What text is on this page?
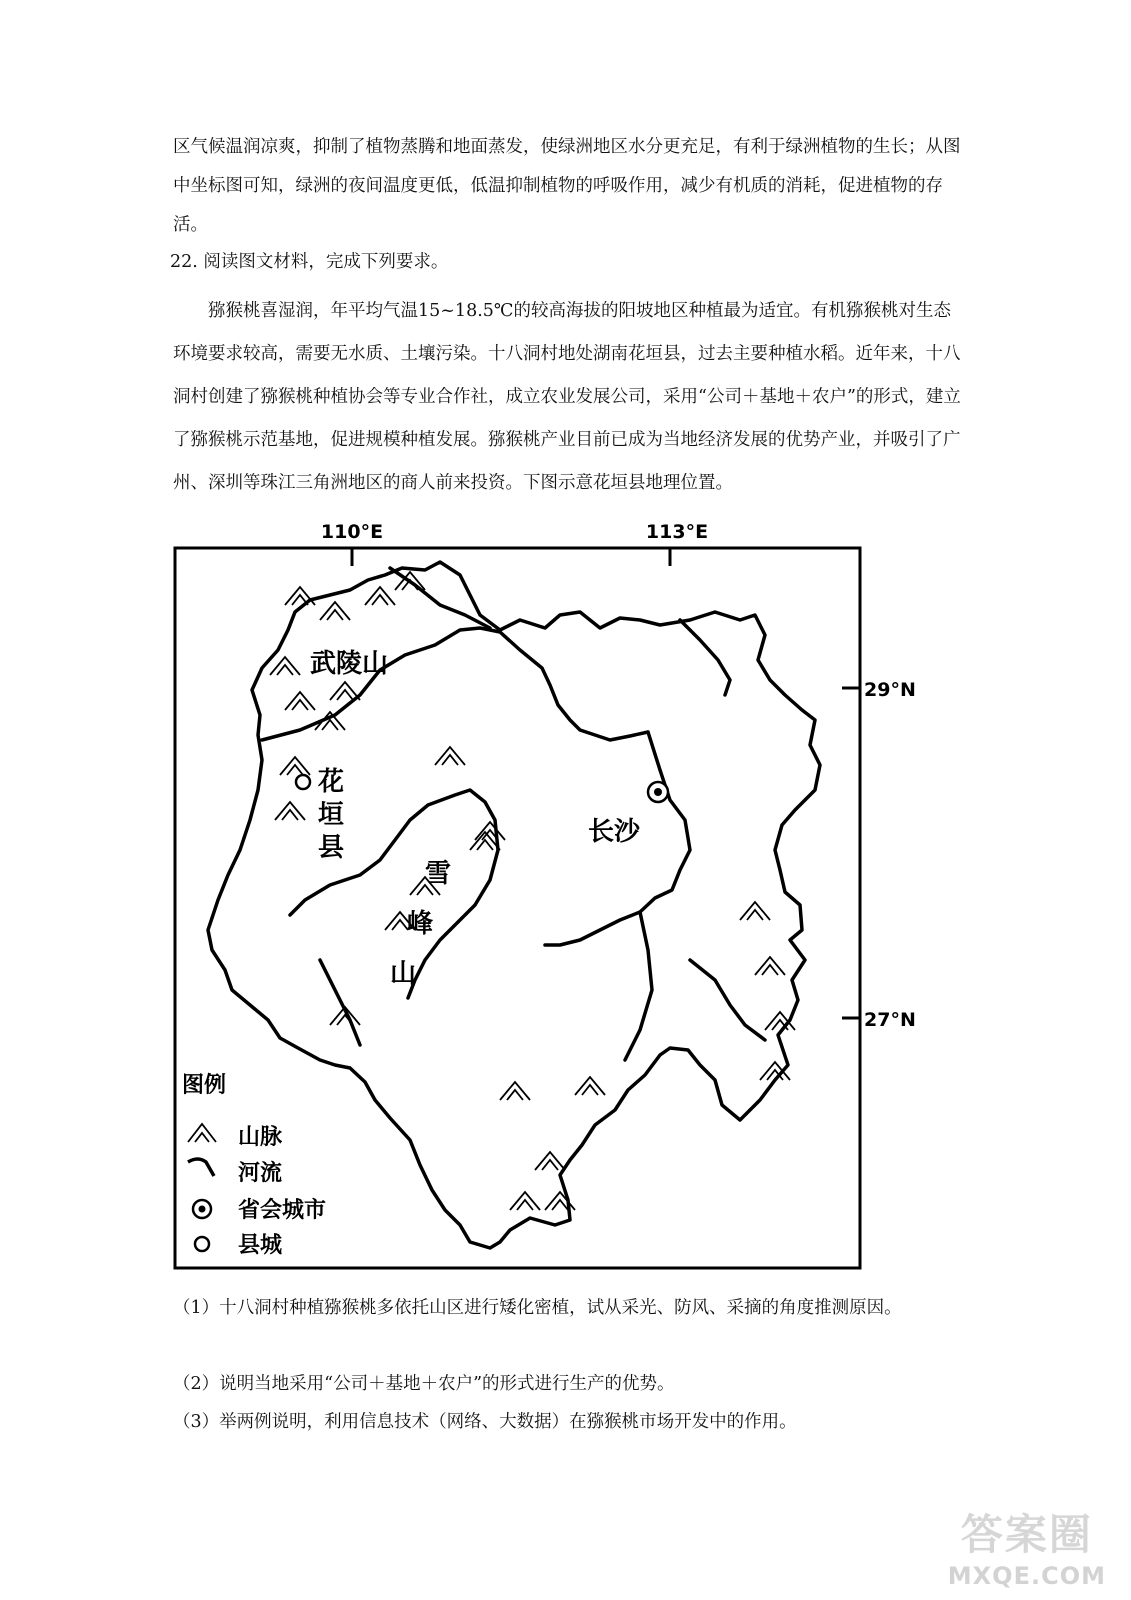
区气候温润凉爽，抑制了植物蒸腾和地面蒸发，使绿洲地区水分更充足，有利于绿洲植物的生长；从图中坐标图可知，绿洲的夜间温度更低，低温抑制植物的呼吸作用，减少有机质的消耗，促进植物的存活。

22. 阅读图文材料，完成下列要求。

猕猴桃喜湿润，年平均气温15~18.5℃的较高海拔的阳坡地区种植最为适宜。有机猕猴桃对生态环境要求较高，需要无水质、土壤污染。十八洞村地处湖南花垣县，过去主要种植水稻。近年来，十八洞村创建了猕猴桃种植协会等专业合作社，成立农业发展公司，采用“公司＋基地＋农户”的形式，建立了猕猴桃示范基地，促进规模种植发展。猕猴桃产业目前已成为当地经济发展的优势产业，并吸引了广州、深圳等珠江三角洲地区的商人前来投资。下图示意花垣县地理位置。

110°E	113°E
29°N
27°N
武陵山
花
垣
县
长沙
雪
峰
山
图例
山脉
河流
省会城市
县城

（1）十八洞村种植猕猴桃多依托山区进行矮化密植，试从采光、防风、采摘的角度推测原因。

（2）说明当地采用“公司＋基地＋农户”的形式进行生产的优势。

（3）举两例说明，利用信息技术（网络、大数据）在猕猴桃市场开发中的作用。

答案圈
MXQE.COM
